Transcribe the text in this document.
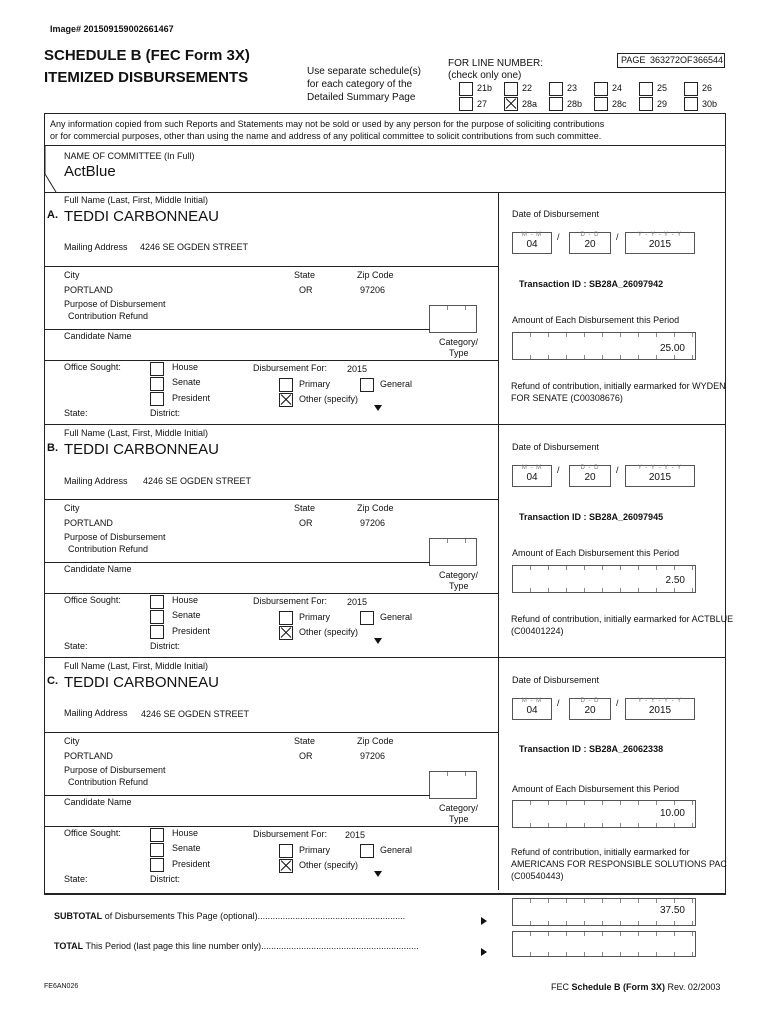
Image# 201509159002661467
SCHEDULE B (FEC Form 3X)
ITEMIZED DISBURSEMENTS	Use separate schedule(s)
for each category of the
Detailed Summary Page
FOR LINE NUMBER:
(check only one)
PAGE 363272 OF 366544
21b	22	23	24	25	26
27	28a	28b	28c	29	30b
Any information copied from such Reports and Statements may not be sold or used by any person for the purpose of soliciting contributions
or for commercial purposes, other than using the name and address of any political committee to solicit contributions from such committee.
NAME OF COMMITTEE (In Full)
ActBlue
Full Name (Last, First, Middle Initial)
A. TEDDI CARBONNEAU	Date of Disbursement
M - M
04
/	D - D
20
/	Y - Y - Y - Y
2015
Mailing Address 4246 SE OGDEN STREET
City	State	Zip Code
PORTLAND	OR	97206
Transaction ID : SB28A_26097942
Purpose of Disbursement
Contribution Refund	Amount of Each Disbursement this Period
Candidate Name
Category/
Type	25.00
Office Sought:	House
Senate
President
Disbursement For: 2015
Primary	General
Other (specify)
Refund of contribution, initially earmarked for WYDEN
FOR SENATE (C00308676)
State:	District:
Full Name (Last, First, Middle Initial)
B. TEDDI CARBONNEAU	Date of Disbursement
M - M
04
/	D - D
20
/	Y - Y - Y - Y
2015
Mailing Address 4246 SE OGDEN STREET
City	State	Zip Code
PORTLAND	OR	97206
Transaction ID : SB28A_26097945
Purpose of Disbursement
Contribution Refund	Amount of Each Disbursement this Period
Candidate Name
Category/
Type	2.50
Office Sought:	House
Senate
President
Disbursement For: 2015
Primary	General
Other (specify)
Refund of contribution, initially earmarked for ACTBLUE
(C00401224)
State:	District:
Full Name (Last, First, Middle Initial)
C. TEDDI CARBONNEAU	Date of Disbursement
M - M
04
/	D - D
20
/	Y - Y - Y - Y
2015
Mailing Address 4246 SE OGDEN STREET
City	State	Zip Code
PORTLAND	OR	97206
Transaction ID : SB28A_26062338
Purpose of Disbursement
Contribution Refund
Amount of Each Disbursement this Period
Candidate Name
Category/
Type	10.00
Office Sought:	House
Senate
President
Disbursement For: 2015
Primary	General
Other (specify)
Refund of contribution, initially earmarked for
AMERICANS FOR RESPONSIBLE SOLUTIONS PAC
(C00540443)
State:	District:
SUBTOTAL of Disbursements This Page (optional)...........................................................	37.50
TOTAL This Period (last page this line number only)...............................................................
FE6AN026	FEC Schedule B (Form 3X) Rev. 02/2003
